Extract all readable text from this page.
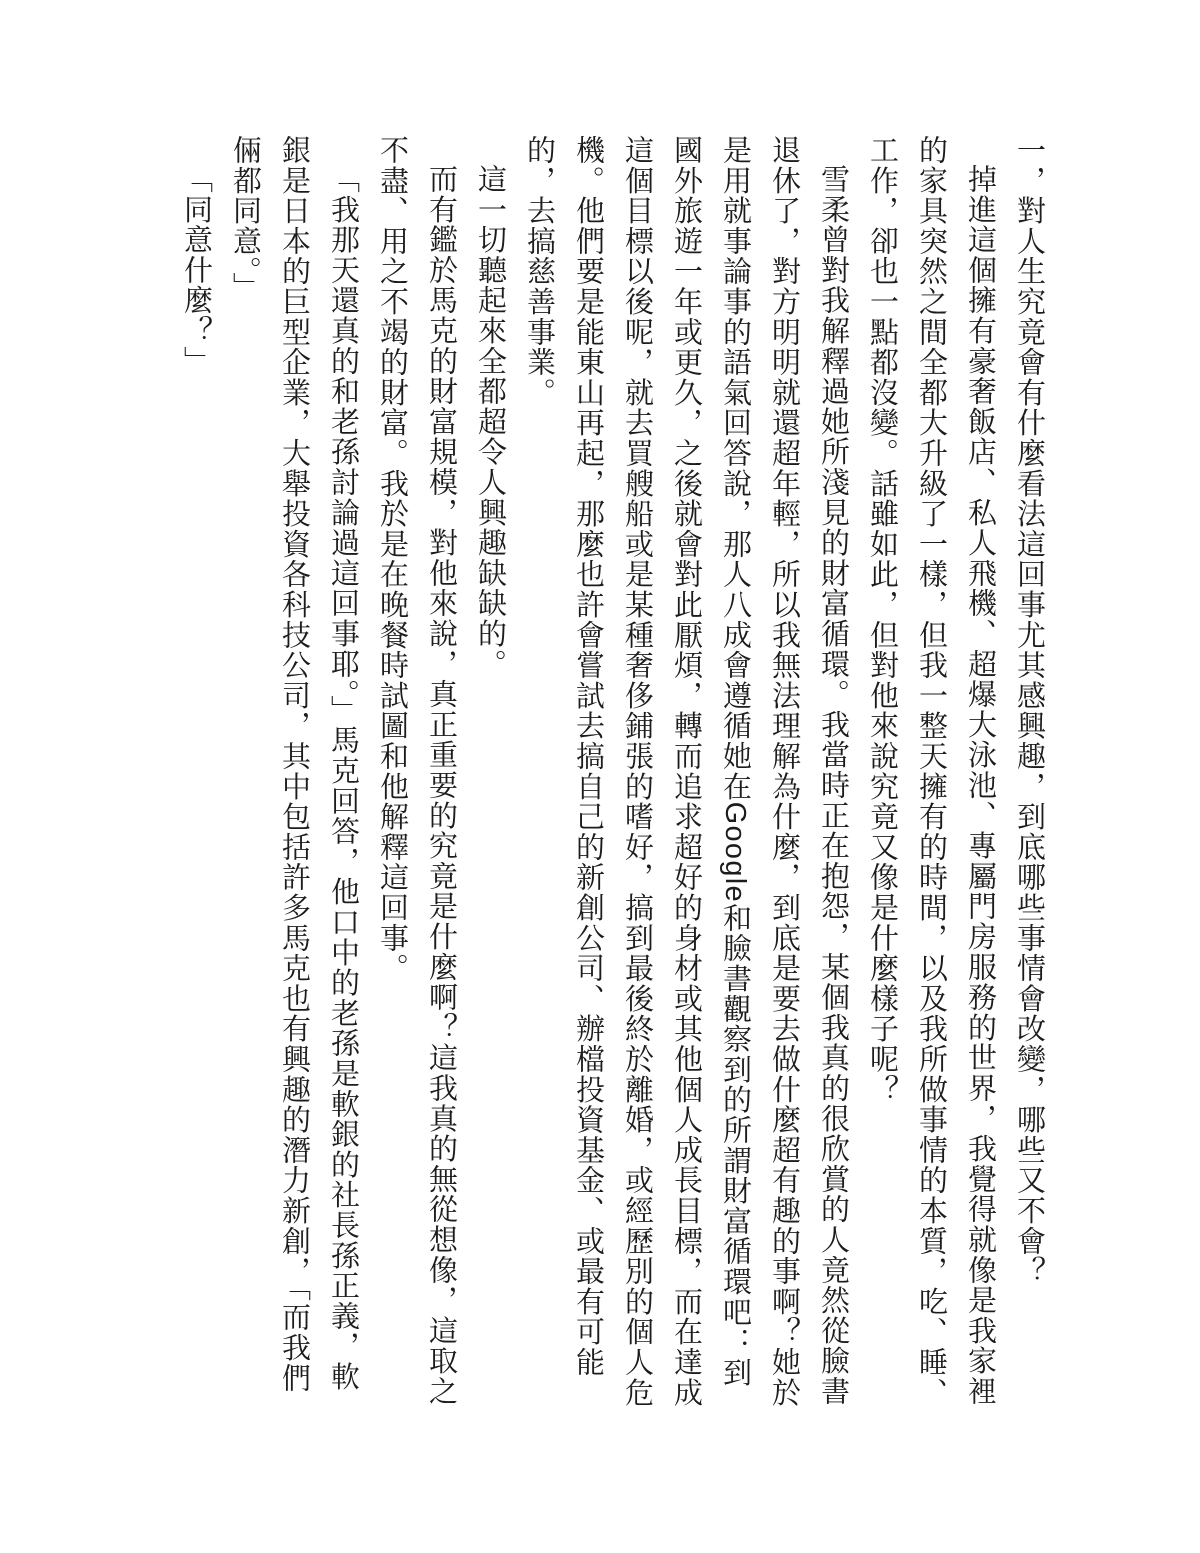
一，對人生究竟會有什麼看法這回事尤其感興趣，到底哪些事情會改變，哪些又不會？

掉進這個擁有豪奢飯店、私人飛機、超爆大泳池、專屬門房服務的世界，我覺得就像是我家裡的家具突然之間全都大升級了一樣，但我一整天擁有的時間，以及我所做事情的本質，吃、睡、工作，卻也一點都沒變。話雖如此，但對他來說究竟又像是什麼樣子呢？

雪柔曾對我解釋過她所淺見的財富循環。我當時正在抱怨，某個我真的很欣賞的人竟然從臉書退休了，對方明明就還超年輕，所以我無法理解為什麼，到底是要去做什麼超有趣的事啊？她於是用就事論事的語氣回答說，那人八成會遵循她在Google和臉書觀察到的所謂財富循環吧：到國外旅遊一年或更久，之後就會對此厭煩，轉而追求超好的身材或其他個人成長目標，而在達成這個目標以後呢，就去買艘船或是某種奢侈鋪張的嗜好，搞到最後終於離婚，或經歷別的個人危機。他們要是能東山再起，那麼也許會嘗試去搞自己的新創公司、辦檔投資基金、或最有可能的，去搞慈善事業。

這一切聽起來全都超令人興趣缺缺的。

而有鑑於馬克的財富規模，對他來說，真正重要的究竟是什麼啊？這我真的無從想像，這取之不盡、用之不竭的財富。我於是在晚餐時試圖和他解釋這回事。

「我那天還真的和老孫討論過這回事耶。」馬克回答，他口中的老孫是軟銀的社長孫正義，軟銀是日本的巨型企業，大舉投資各科技公司，其中包括許多馬克也有興趣的潛力新創，「而我們倆都同意。」

「同意什麼？」
